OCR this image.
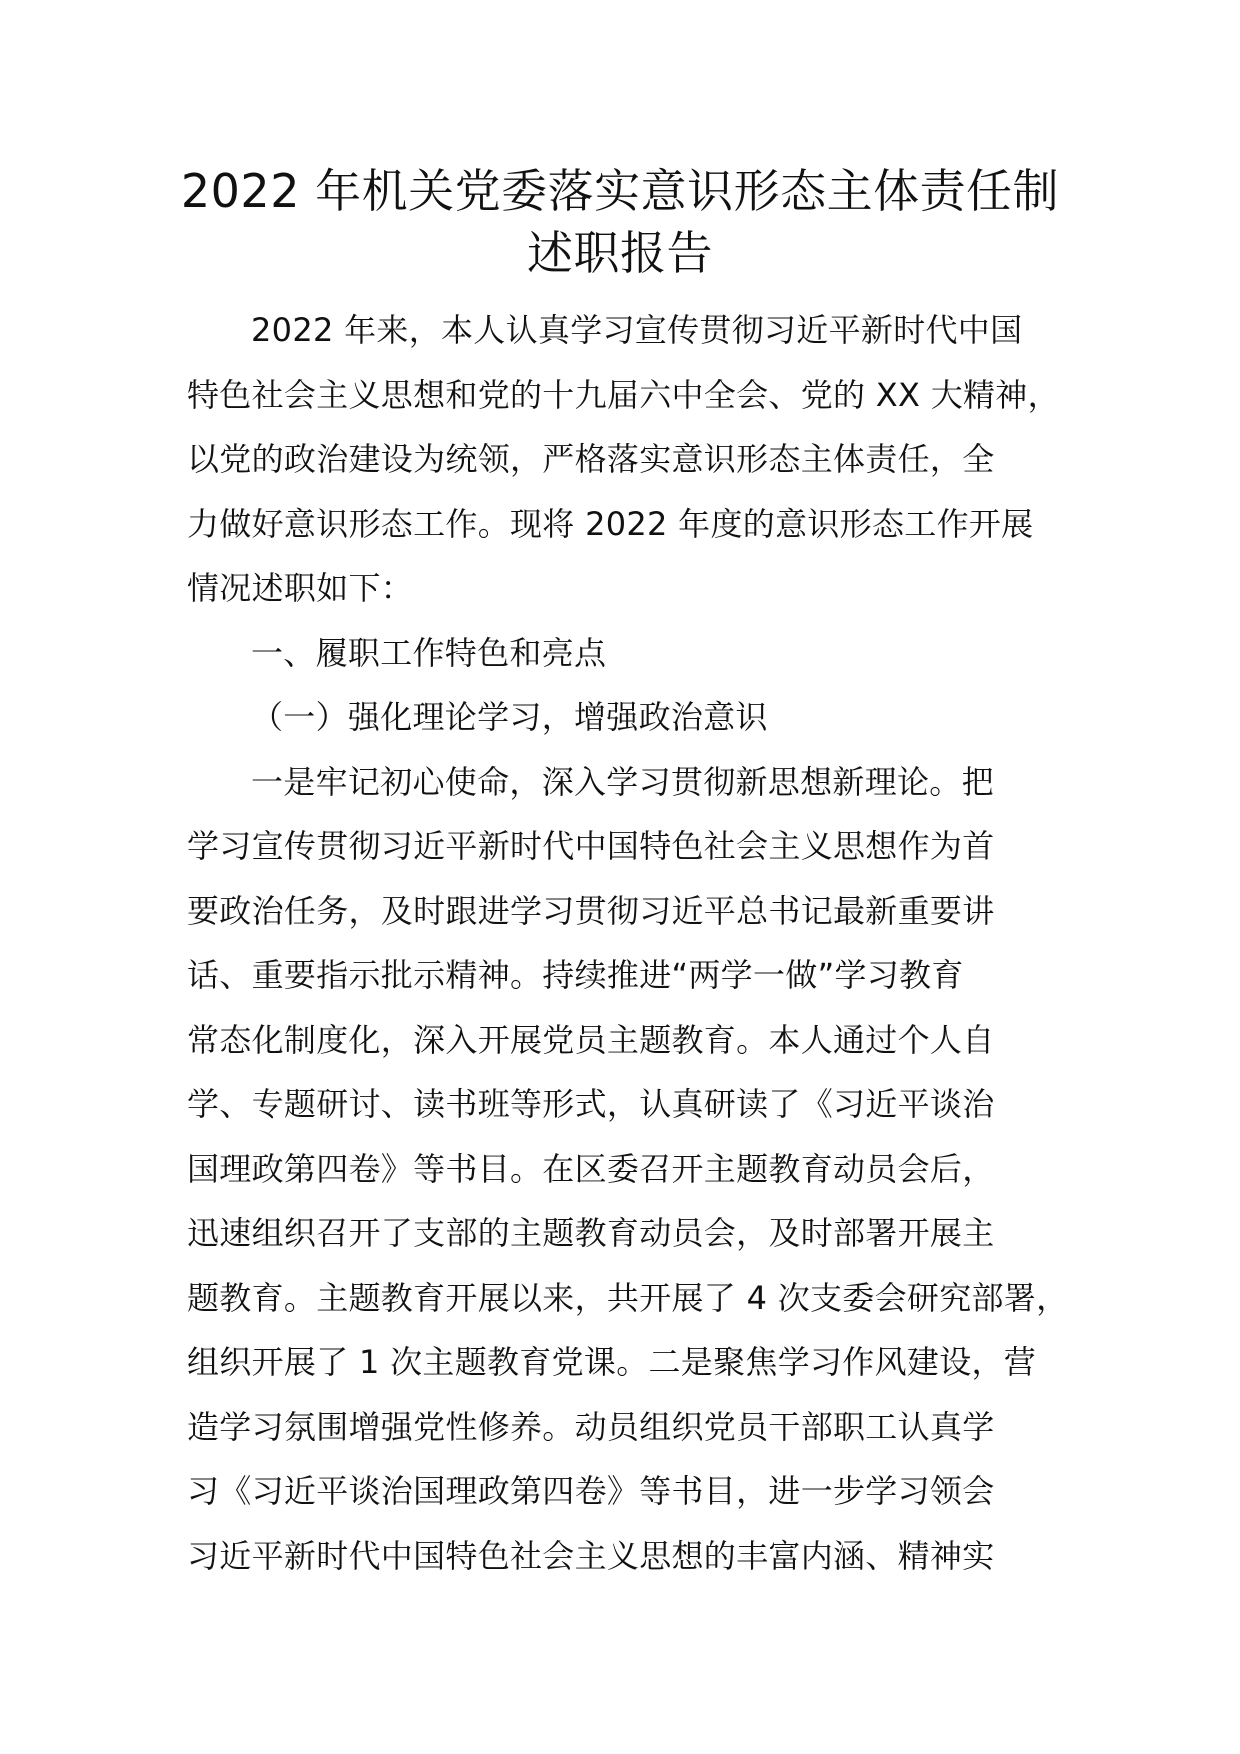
2022 年机关党委落实意识形态主体责任制
述职报告
2022 年来，本人认真学习宣传贯彻习近平新时代中国
特色社会主义思想和党的十九届六中全会、党的 XX 大精神，
以党的政治建设为统领，严格落实意识形态主体责任，全
力做好意识形态工作。现将 2022 年度的意识形态工作开展
情况述职如下：
一、履职工作特色和亮点
（一）强化理论学习，增强政治意识
一是牢记初心使命，深入学习贯彻新思想新理论。把
学习宣传贯彻习近平新时代中国特色社会主义思想作为首
要政治任务，及时跟进学习贯彻习近平总书记最新重要讲
话、重要指示批示精神。持续推进“两学一做”学习教育
常态化制度化，深入开展党员主题教育。本人通过个人自
学、专题研讨、读书班等形式，认真研读了《习近平谈治
国理政第四卷》等书目。在区委召开主题教育动员会后，
迅速组织召开了支部的主题教育动员会，及时部署开展主
题教育。主题教育开展以来，共开展了 4 次支委会研究部署，
组织开展了 1 次主题教育党课。二是聚焦学习作风建设，营
造学习氛围增强党性修养。动员组织党员干部职工认真学
习《习近平谈治国理政第四卷》等书目，进一步学习领会
习近平新时代中国特色社会主义思想的丰富内涵、精神实
